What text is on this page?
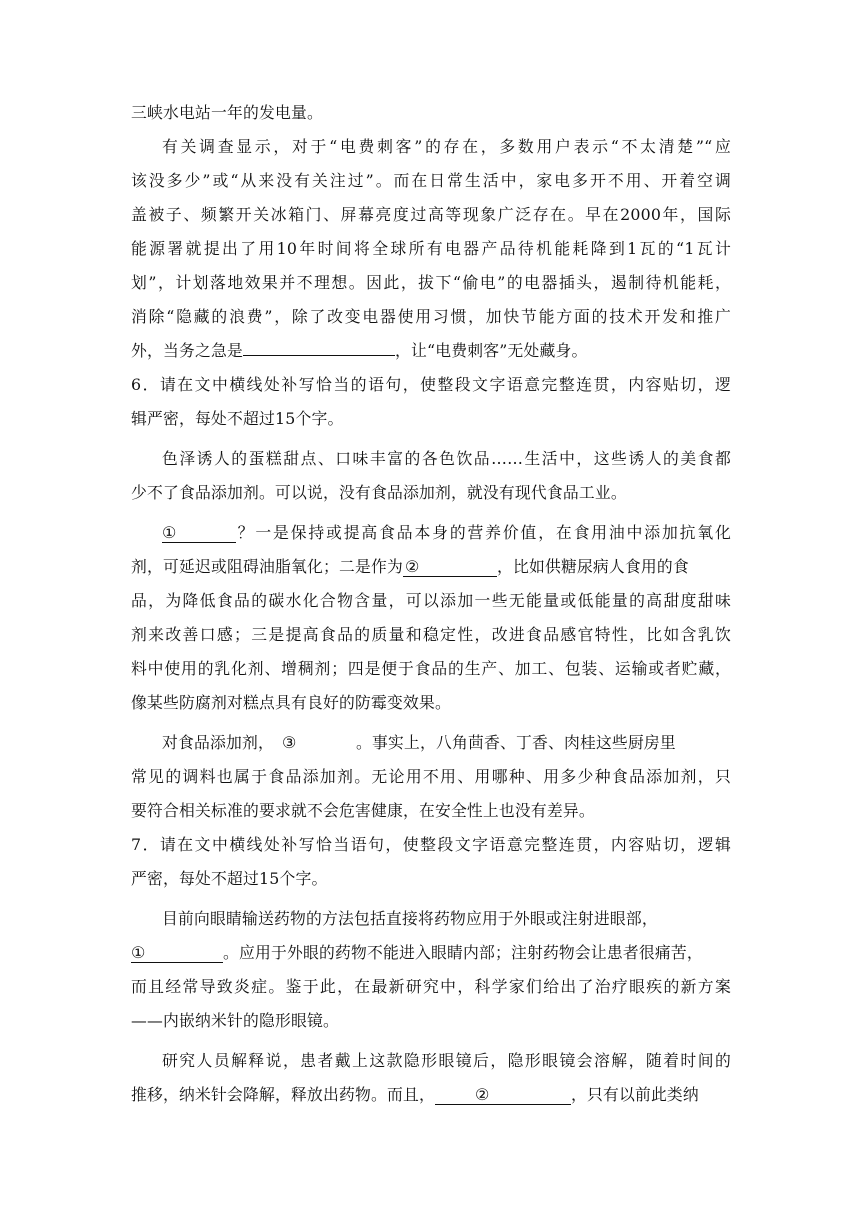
三峡水电站一年的发电量。
有关调查显示，对于“电费刺客”的存在，多数用户表示“不太清楚”“应
该没多少”或“从来没有关注过”。而在日常生活中，家电多开不用、开着空调
盖被子、频繁开关冰箱门、屏幕亮度过高等现象广泛存在。早在2000年，国际
能源署就提出了用10年时间将全球所有电器产品待机能耗降到1瓦的“1瓦计
划”，计划落地效果并不理想。因此，拔下“偷电”的电器插头，遏制待机能耗，
消除“隐藏的浪费”，除了改变电器使用习惯，加快节能方面的技术开发和推广
外，当务之急是	，让“电费刺客”无处藏身。
6．请在文中横线处补写恰当的语句，使整段文字语意完整连贯，内容贴切，逻
辑严密，每处不超过15个字。
色泽诱人的蛋糕甜点、口味丰富的各色饮品……生活中，这些诱人的美食都
少不了食品添加剂。可以说，没有食品添加剂，就没有现代食品工业。
①	？一是保持或提高食品本身的营养价值，在食用油中添加抗氧化
剂，可延迟或阻碍油脂氧化；二是作为 ②	，比如供糖尿病人食用的食
品，为降低食品的碳水化合物含量，可以添加一些无能量或低能量的高甜度甜味
剂来改善口感；三是提高食品的质量和稳定性，改进食品感官特性，比如含乳饮
料中使用的乳化剂、增稠剂；四是便于食品的生产、加工、包装、运输或者贮藏，
像某些防腐剂对糕点具有良好的防霉变效果。
对食品添加剂， ③	。事实上，八角茴香、丁香、肉桂这些厨房里
常见的调料也属于食品添加剂。无论用不用、用哪种、用多少种食品添加剂，只
要符合相关标准的要求就不会危害健康，在安全性上也没有差异。
7．请在文中横线处补写恰当语句，使整段文字语意完整连贯，内容贴切，逻辑
严密，每处不超过15个字。
目前向眼睛输送药物的方法包括直接将药物应用于外眼或注射进眼部，
①	。应用于外眼的药物不能进入眼睛内部；注射药物会让患者很痛苦，
而且经常导致炎症。鉴于此，在最新研究中，科学家们给出了治疗眼疾的新方案
——内嵌纳米针的隐形眼镜。
研究人员解释说，患者戴上这款隐形眼镜后，隐形眼镜会溶解，随着时间的
推移，纳米针会降解，释放出药物。而且，	②	，只有以前此类纳
